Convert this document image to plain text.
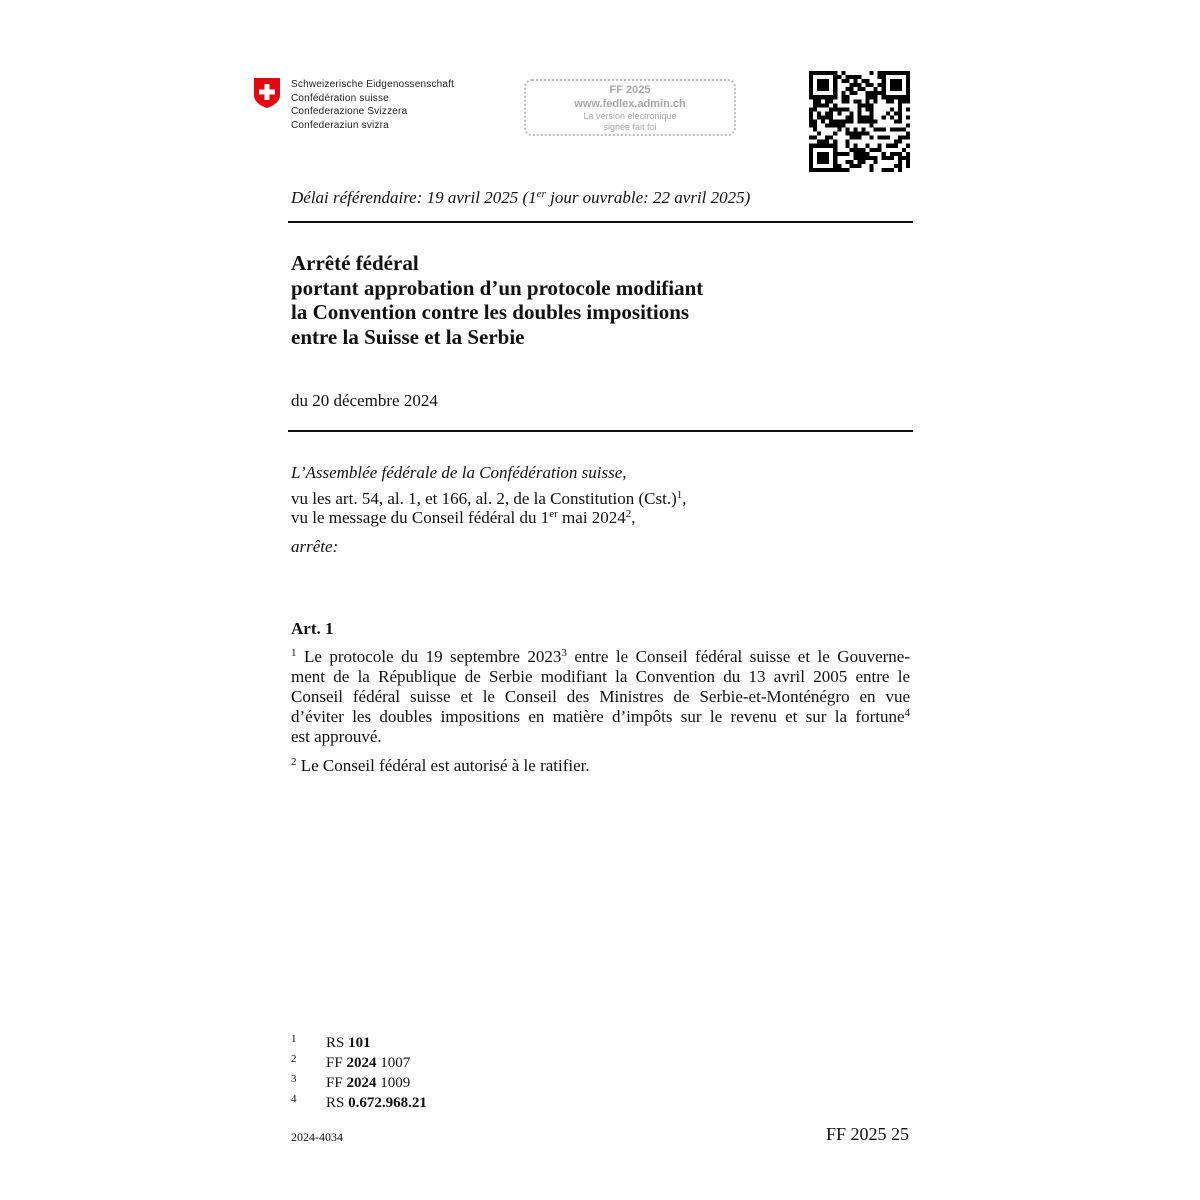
Schweizerische Eidgenossenschaft
Confédération suisse
Confederazione Svizzera
Confederaziun svizra
FF 2025
www.fedlex.admin.ch
La version électronique
signée fait foi
Délai référendaire: 19 avril 2025 (1er jour ouvrable: 22 avril 2025)
Arrêté fédéral
portant approbation d’un protocole modifiant
la Convention contre les doubles impositions
entre la Suisse et la Serbie
du 20 décembre 2024
L’Assemblée fédérale de la Confédération suisse,
vu les art. 54, al. 1, et 166, al. 2, de la Constitution $(Cst.)^1$,
vu le message du Conseil fédéral du 1er mai 2024$^2$,
arrête:
Art. 1
$^1$ Le protocole du 19 septembre 2023$^3$ entre le Conseil fédéral suisse et le Gouverne-
ment de la République de Serbie modifiant la Convention du 13 avril 2005 entre le
Conseil fédéral suisse et le Conseil des Ministres de Serbie-et-Monténégro en vue
d’éviter les doubles impositions en matière d’impôts sur le revenu et sur la fortune$^4$
est approuvé.
$^2$ Le Conseil fédéral est autorisé à le ratifier.
1 RS 101
2 FF 2024 1007
3 FF 2024 1009
4 RS 0.672.968.21
2024-4034	FF 2025 25
